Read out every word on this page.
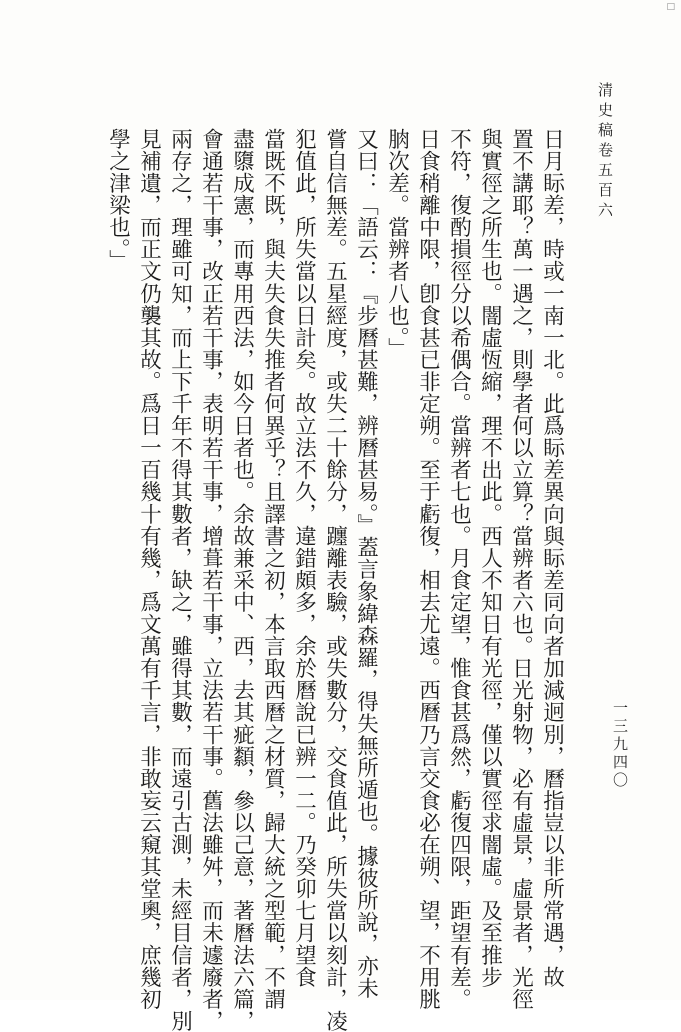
□
清史稿卷五百六
一三九四〇
日月眎差，時或一南一北。此爲眎差異向與眎差同向者加減迥別，曆指豈以非所常遇，故
置不講耶？萬一遇之，則學者何以立算？當辨者六也。日光射物，必有虛景，虛景者，光徑
與實徑之所生也。闇虛恆縮，理不出此。西人不知日有光徑，僅以實徑求闇虛。及至推步
不符，復酌損徑分以希偶合。當辨者七也。月食定望，惟食甚爲然，虧復四限，距望有差。
日食稍離中限，卽食甚已非定朔。至于虧復，相去尤遠。西曆乃言交食必在朔、望，不用朓
朒次差。當辨者八也。」
又曰：「語云：『步曆甚難，辨曆甚易。』蓋言象緯森羅，得失無所遁也。據彼所說，亦未
嘗自信無差。五星經度，或失二十餘分，躔離表驗，或失數分，交食值此，所失當以刻計，凌
犯值此，所失當以日計矣。故立法不久，違錯頗多，余於曆說已辨一二。乃癸卯七月望食
當既不既，與夫失食失推者何異乎？且譯書之初，本言取西曆之材質，歸大統之型範，不謂
盡隳成憲，而專用西法，如今日者也。余故兼采中、西，去其疵纇，參以己意，著曆法六篇，
會通若干事，改正若干事，表明若干事，增葺若干事，立法若干事。舊法雖舛，而未遽廢者，
兩存之，理雖可知，而上下千年不得其數者，缺之，雖得其數，而遠引古測，未經目信者，別
見補遺，而正文仍襲其故。爲日一百幾十有幾，爲文萬有千言，非敢妄云窺其堂奧，庶幾初
學之津梁也。」
